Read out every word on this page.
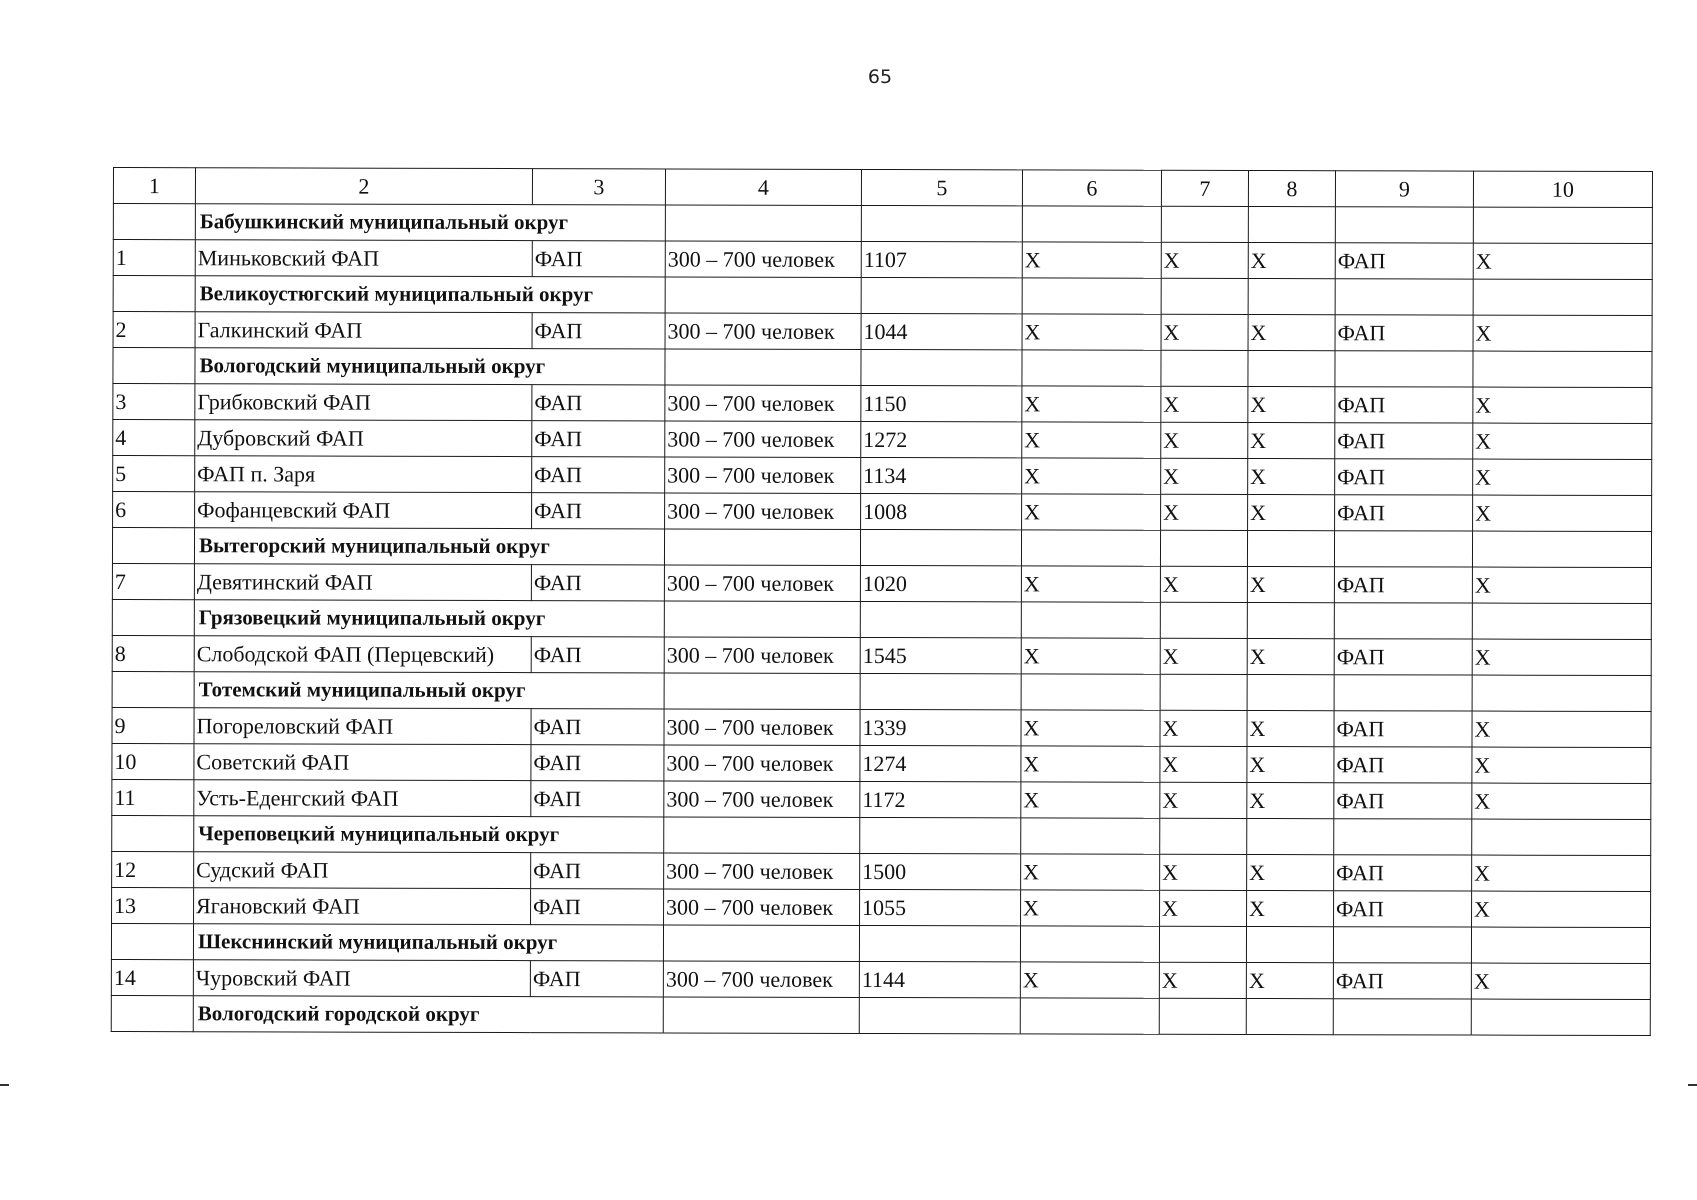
65
1	2	3	4	5	6	7	8	9	10
	Бабушкинский муниципальный округ								
1	Миньковский ФАП	ФАП	300 – 700 человек	1107	Х	Х	Х	ФАП	Х
	Великоустюгский муниципальный округ								
2	Галкинский ФАП	ФАП	300 – 700 человек	1044	Х	Х	Х	ФАП	Х
	Вологодский муниципальный округ								
3	Грибковский ФАП	ФАП	300 – 700 человек	1150	Х	Х	Х	ФАП	Х
4	Дубровский ФАП	ФАП	300 – 700 человек	1272	Х	Х	Х	ФАП	Х
5	ФАП п. Заря	ФАП	300 – 700 человек	1134	Х	Х	Х	ФАП	Х
6	Фофанцевский ФАП	ФАП	300 – 700 человек	1008	Х	Х	Х	ФАП	Х
	Вытегорский муниципальный округ								
7	Девятинский ФАП	ФАП	300 – 700 человек	1020	Х	Х	Х	ФАП	Х
	Грязовецкий муниципальный округ								
8	Слободской ФАП (Перцевский)	ФАП	300 – 700 человек	1545	Х	Х	Х	ФАП	Х
	Тотемский муниципальный округ								
9	Погореловский ФАП	ФАП	300 – 700 человек	1339	Х	Х	Х	ФАП	Х
10	Советский ФАП	ФАП	300 – 700 человек	1274	Х	Х	Х	ФАП	Х
11	Усть-Еденгский ФАП	ФАП	300 – 700 человек	1172	Х	Х	Х	ФАП	Х
	Череповецкий муниципальный округ								
12	Судский ФАП	ФАП	300 – 700 человек	1500	Х	Х	Х	ФАП	Х
13	Ягановский ФАП	ФАП	300 – 700 человек	1055	Х	Х	Х	ФАП	Х
	Шекснинский муниципальный округ								
14	Чуровский ФАП	ФАП	300 – 700 человек	1144	Х	Х	Х	ФАП	Х
	Вологодский городской округ								
